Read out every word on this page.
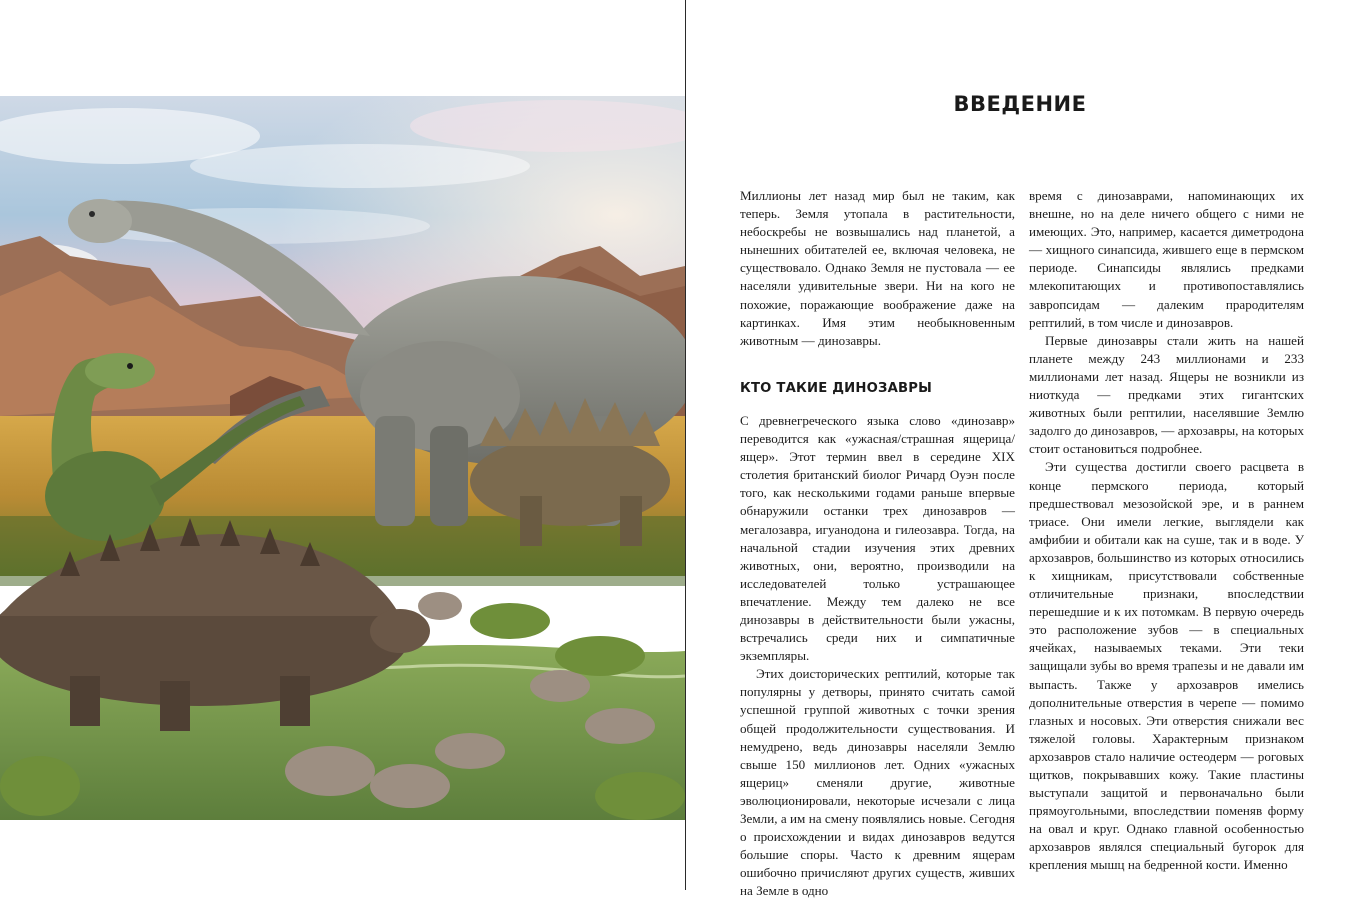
ВВЕДЕНИЕ

Миллионы лет назад мир был не таким, как теперь. Земля утопала в растительности, небоскребы не возвышались над планетой, а нынешних обитателей ее, включая человека, не существовало. Однако Земля не пустовала — ее населяли удивительные звери. Ни на кого не похожие, поражающие воображение даже на картинках. Имя этим необыкновенным животным — динозавры.

КТО ТАКИЕ ДИНОЗАВРЫ

С древнегреческого языка слово «динозавр» переводится как «ужасная/страшная ящерица/ящер». Этот термин ввел в середине XIX столетия британский биолог Ричард Оуэн после того, как несколькими годами раньше впервые обнаружили останки трех динозавров — мегалозавра, игуанодона и гилеозавра. Тогда, на начальной стадии изучения этих древних животных, они, вероятно, производили на исследователей только устрашающее впечатление. Между тем далеко не все динозавры в действительности были ужасны, встречались среди них и симпатичные экземпляры.

Этих доисторических рептилий, которые так популярны у детворы, принято считать самой успешной группой животных с точки зрения общей продолжительности существования. И немудрено, ведь динозавры населяли Землю свыше 150 миллионов лет. Одних «ужасных ящериц» сменяли другие, животные эволюционировали, некоторые исчезали с лица Земли, а им на смену появлялись новые. Сегодня о происхождении и видах динозавров ведутся большие споры. Часто к древним ящерам ошибочно причисляют других существ, живших на Земле в одно

время с динозаврами, напоминающих их внешне, но на деле ничего общего с ними не имеющих. Это, например, касается диметродона — хищного синапсида, жившего еще в пермском периоде. Синапсиды являлись предками млекопитающих и противопоставлялись завропсидам — далеким прародителям рептилий, в том числе и динозавров.

Первые динозавры стали жить на нашей планете между 243 миллионами и 233 миллионами лет назад. Ящеры не возникли из ниоткуда — предками этих гигантских животных были рептилии, населявшие Землю задолго до динозавров, — архозавры, на которых стоит остановиться подробнее.

Эти существа достигли своего расцвета в конце пермского периода, который предшествовал мезозойской эре, и в раннем триасе. Они имели легкие, выглядели как амфибии и обитали как на суше, так и в воде. У архозавров, большинство из которых относились к хищникам, присутствовали собственные отличительные признаки, впоследствии перешедшие и к их потомкам. В первую очередь это расположение зубов — в специальных ячейках, называемых теками. Эти теки защищали зубы во время трапезы и не давали им выпасть. Также у архозавров имелись дополнительные отверстия в черепе — помимо глазных и носовых. Эти отверстия снижали вес тяжелой головы. Характерным признаком архозавров стало наличие остеодерм — роговых щитков, покрывавших кожу. Такие пластины выступали защитой и первоначально были прямоугольными, впоследствии поменяв форму на овал и круг. Однако главной особенностью архозавров являлся специальный бугорок для крепления мышц на бедренной кости. Именно
